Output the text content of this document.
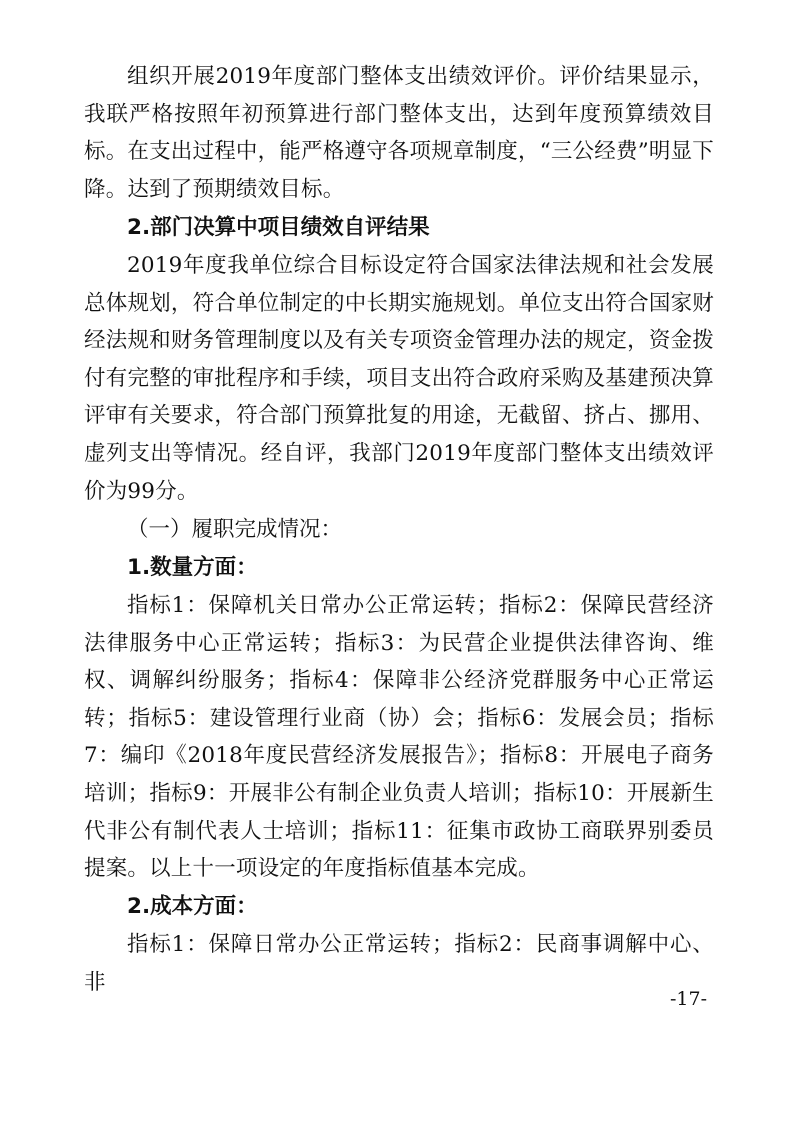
组织开展2019年度部门整体支出绩效评价。评价结果显示，我联严格按照年初预算进行部门整体支出，达到年度预算绩效目标。在支出过程中，能严格遵守各项规章制度，“三公经费”明显下降。达到了预期绩效目标。

2.部门决算中项目绩效自评结果

2019年度我单位综合目标设定符合国家法律法规和社会发展总体规划，符合单位制定的中长期实施规划。单位支出符合国家财经法规和财务管理制度以及有关专项资金管理办法的规定，资金拨付有完整的审批程序和手续，项目支出符合政府采购及基建预决算评审有关要求，符合部门预算批复的用途，无截留、挤占、挪用、虚列支出等情况。经自评，我部门2019年度部门整体支出绩效评价为99分。

（一）履职完成情况：

1.数量方面：

指标1：保障机关日常办公正常运转；指标2：保障民营经济法律服务中心正常运转；指标3：为民营企业提供法律咨询、维权、调解纠纷服务；指标4：保障非公经济党群服务中心正常运转；指标5：建设管理行业商（协）会；指标6：发展会员；指标7：编印《2018年度民营经济发展报告》；指标8：开展电子商务培训；指标9：开展非公有制企业负责人培训；指标10：开展新生代非公有制代表人士培训；指标11：征集市政协工商联界别委员提案。以上十一项设定的年度指标值基本完成。

2.成本方面：

指标1：保障日常办公正常运转；指标2：民商事调解中心、非

-17-
